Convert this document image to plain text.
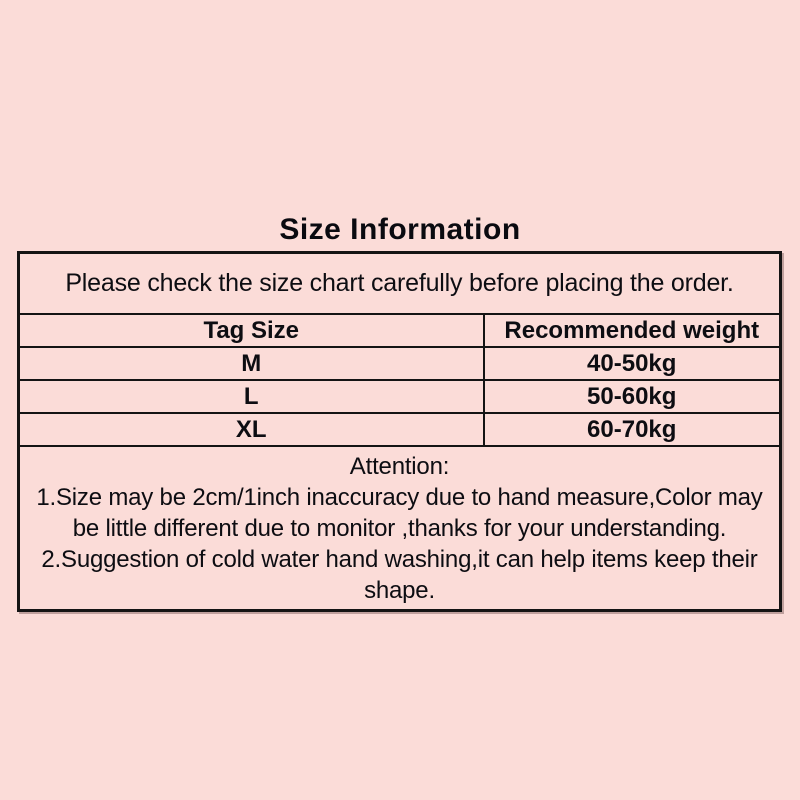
Size Information
Please check the size chart carefully before placing the order.	
Tag Size	Recommended weight
M	40-50kg
L	50-60kg
XL	60-70kg

Attention:
1.Size may be 2cm/1inch inaccuracy due to hand measure,Color may
be little different due to monitor ,thanks for your understanding.
2.Suggestion of cold water hand washing,it can help items keep their
shape.	
